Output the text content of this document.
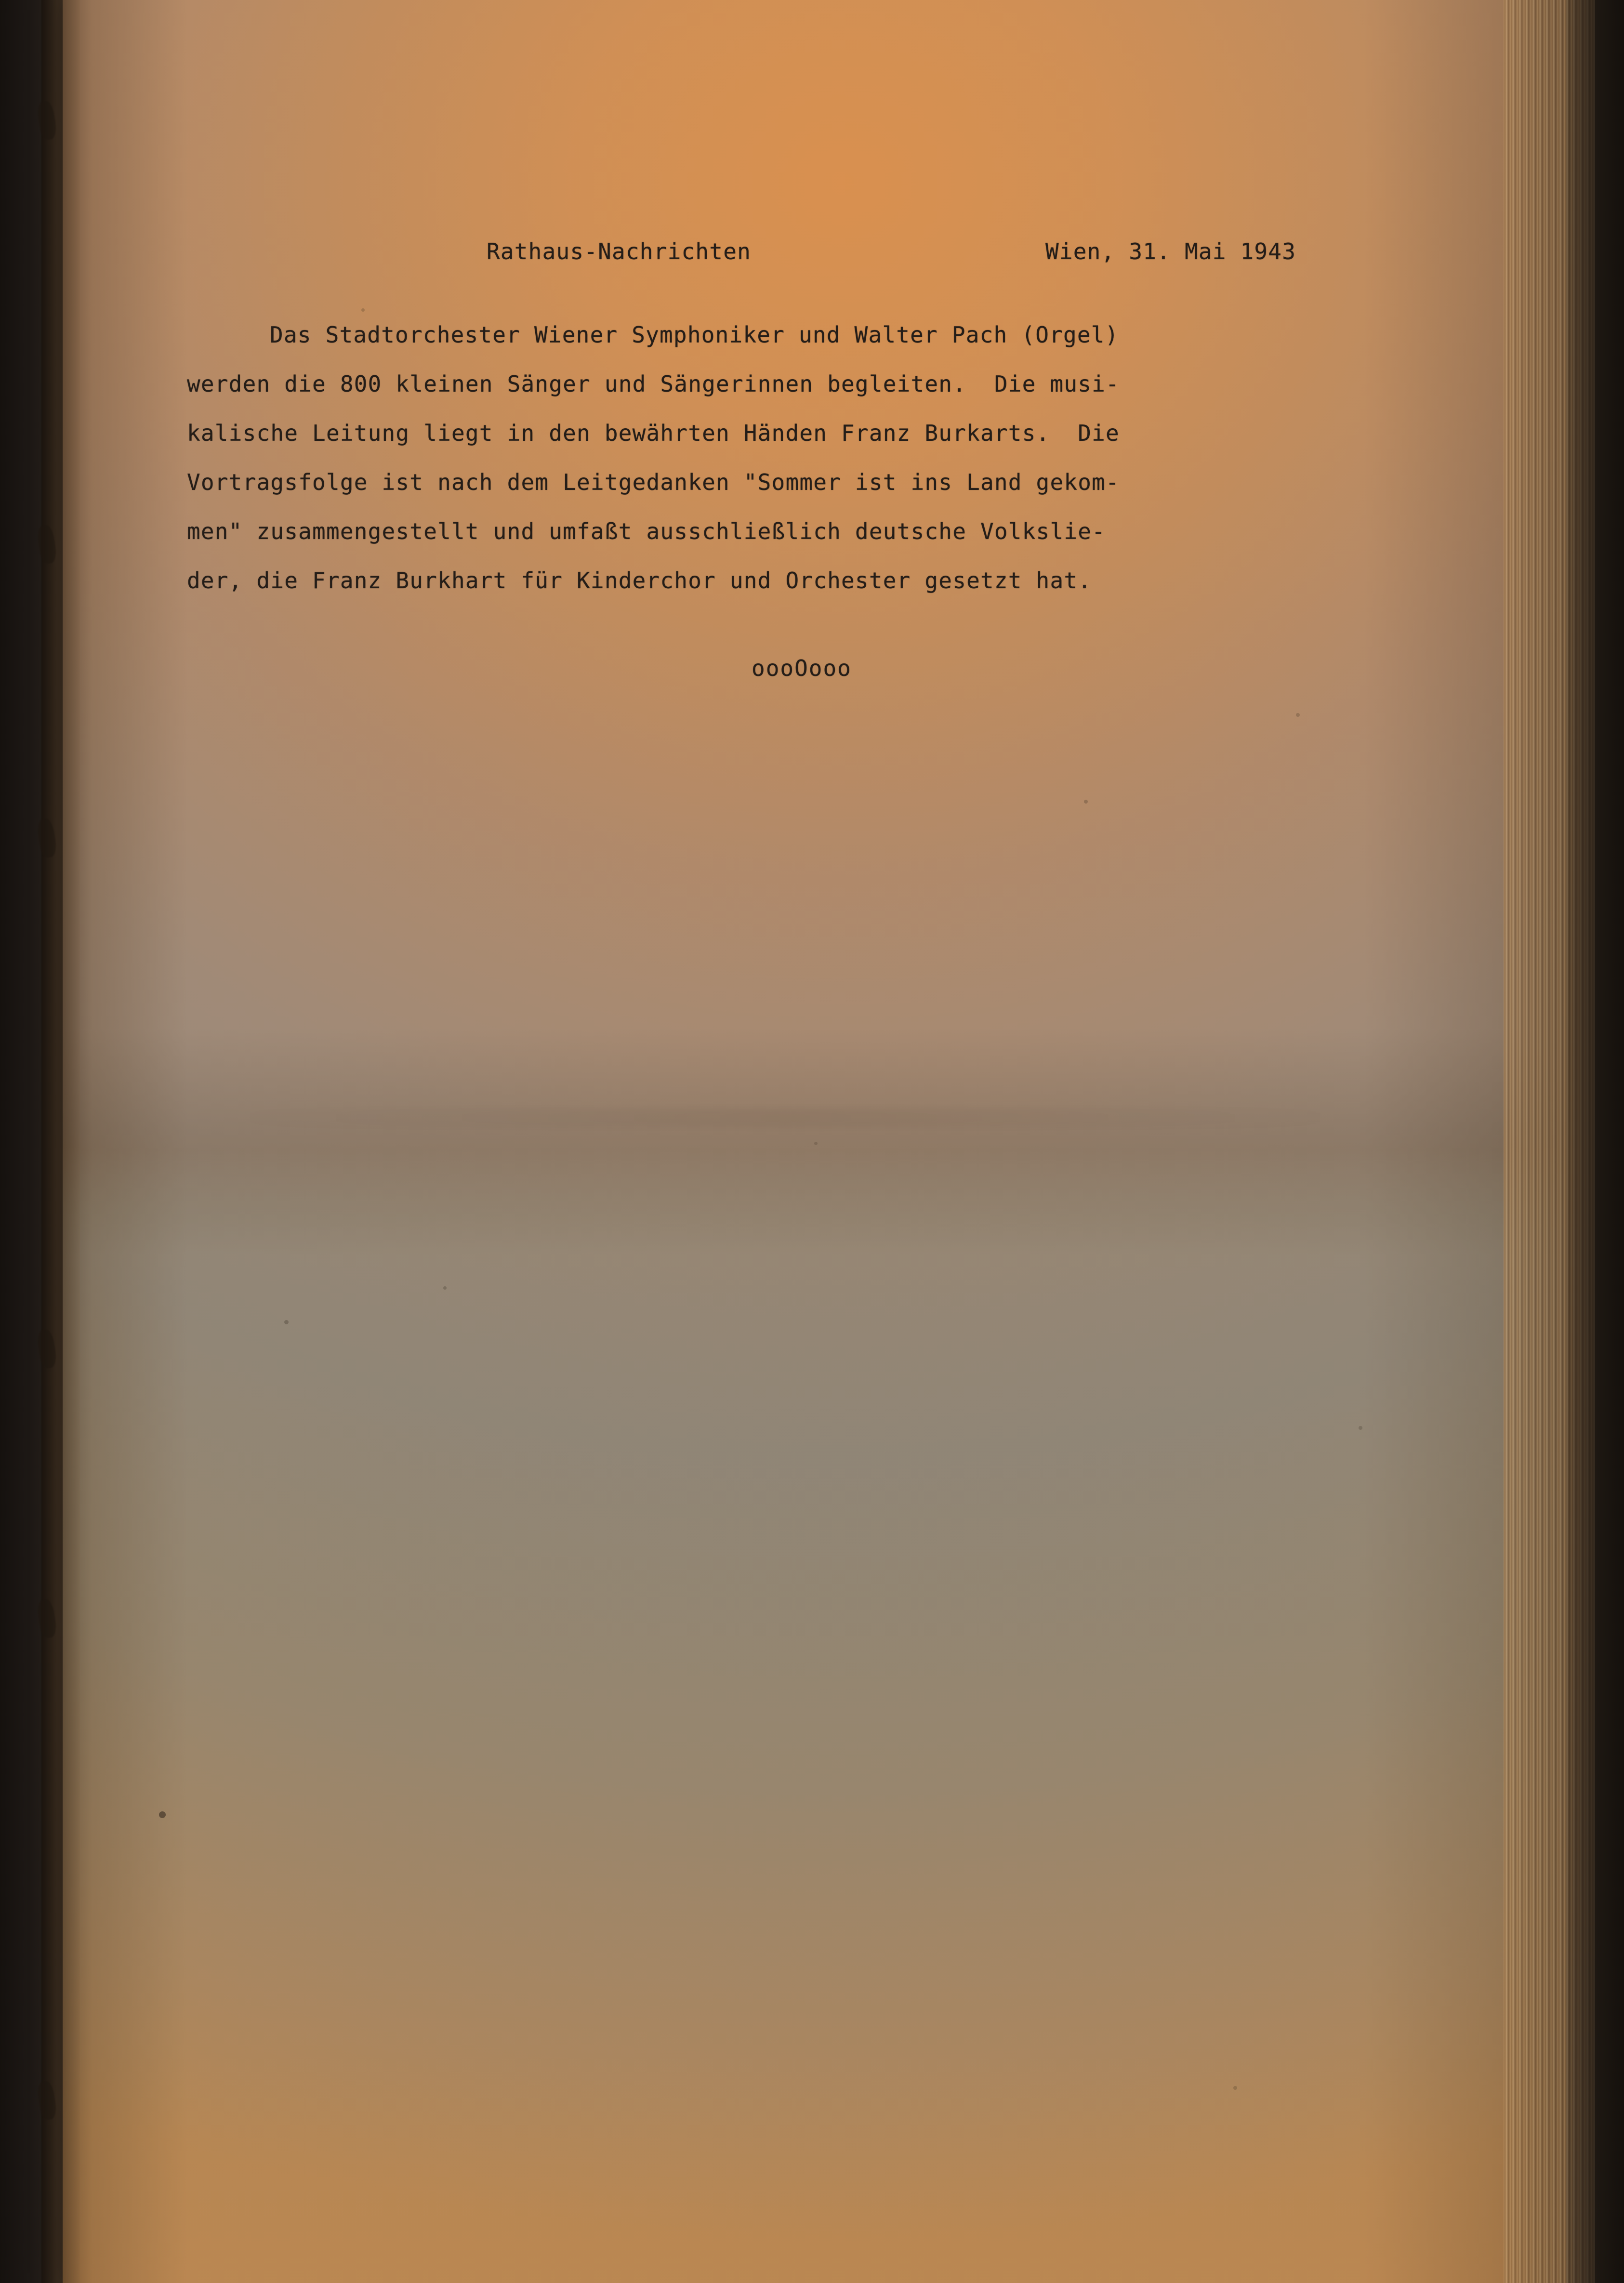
Rathaus-Nachrichten	Wien, 31. Mai 1943
Das Stadtorchester Wiener Symphoniker und Walter Pach (Orgel)
werden die 800 kleinen Sänger und Sängerinnen begleiten.  Die musi-
kalische Leitung liegt in den bewährten Händen Franz Burkarts.  Die
Vortragsfolge ist nach dem Leitgedanken "Sommer ist ins Land gekom-
men" zusammengestellt und umfaßt ausschließlich deutsche Volkslie-
der, die Franz Burkhart für Kinderchor und Orchester gesetzt hat.
oooOooo
